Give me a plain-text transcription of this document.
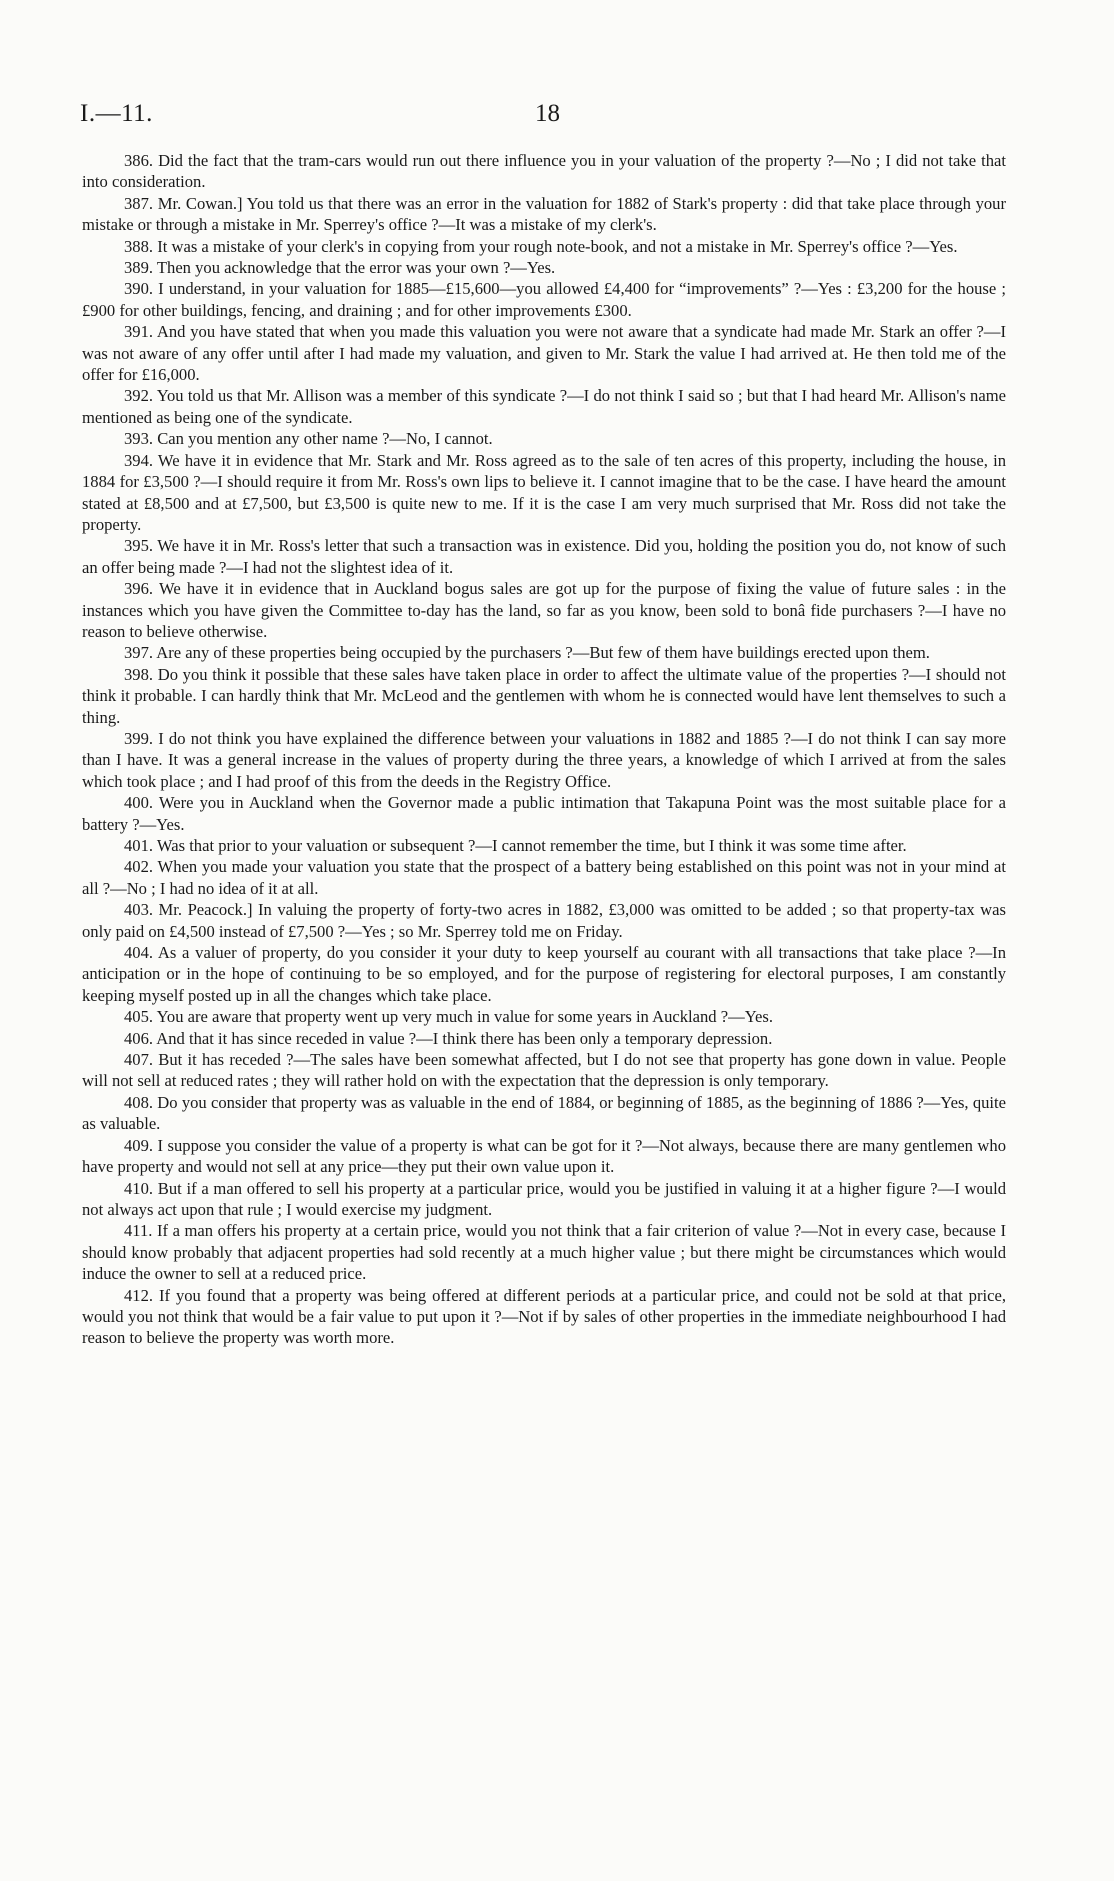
I.—11.	18

386. Did the fact that the tram-cars would run out there influence you in your valuation of the property ?—No ; I did not take that into consideration.

387. Mr. Cowan.] You told us that there was an error in the valuation for 1882 of Stark's property : did that take place through your mistake or through a mistake in Mr. Sperrey's office ?—It was a mistake of my clerk's.

388. It was a mistake of your clerk's in copying from your rough note-book, and not a mistake in Mr. Sperrey's office ?—Yes.

389. Then you acknowledge that the error was your own ?—Yes.

390. I understand, in your valuation for 1885—£15,600—you allowed £4,400 for “improvements” ?—Yes : £3,200 for the house ; £900 for other buildings, fencing, and draining ; and for other improvements £300.

391. And you have stated that when you made this valuation you were not aware that a syndicate had made Mr. Stark an offer ?—I was not aware of any offer until after I had made my valuation, and given to Mr. Stark the value I had arrived at. He then told me of the offer for £16,000.

392. You told us that Mr. Allison was a member of this syndicate ?—I do not think I said so ; but that I had heard Mr. Allison's name mentioned as being one of the syndicate.

393. Can you mention any other name ?—No, I cannot.

394. We have it in evidence that Mr. Stark and Mr. Ross agreed as to the sale of ten acres of this property, including the house, in 1884 for £3,500 ?—I should require it from Mr. Ross's own lips to believe it. I cannot imagine that to be the case. I have heard the amount stated at £8,500 and at £7,500, but £3,500 is quite new to me. If it is the case I am very much surprised that Mr. Ross did not take the property.

395. We have it in Mr. Ross's letter that such a transaction was in existence. Did you, holding the position you do, not know of such an offer being made ?—I had not the slightest idea of it.

396. We have it in evidence that in Auckland bogus sales are got up for the purpose of fixing the value of future sales : in the instances which you have given the Committee to-day has the land, so far as you know, been sold to bonâ fide purchasers ?—I have no reason to believe otherwise.

397. Are any of these properties being occupied by the purchasers ?—But few of them have buildings erected upon them.

398. Do you think it possible that these sales have taken place in order to affect the ultimate value of the properties ?—I should not think it probable. I can hardly think that Mr. McLeod and the gentlemen with whom he is connected would have lent themselves to such a thing.

399. I do not think you have explained the difference between your valuations in 1882 and 1885 ?—I do not think I can say more than I have. It was a general increase in the values of property during the three years, a knowledge of which I arrived at from the sales which took place ; and I had proof of this from the deeds in the Registry Office.

400. Were you in Auckland when the Governor made a public intimation that Takapuna Point was the most suitable place for a battery ?—Yes.

401. Was that prior to your valuation or subsequent ?—I cannot remember the time, but I think it was some time after.

402. When you made your valuation you state that the prospect of a battery being established on this point was not in your mind at all ?—No ; I had no idea of it at all.

403. Mr. Peacock.] In valuing the property of forty-two acres in 1882, £3,000 was omitted to be added ; so that property-tax was only paid on £4,500 instead of £7,500 ?—Yes ; so Mr. Sperrey told me on Friday.

404. As a valuer of property, do you consider it your duty to keep yourself au courant with all transactions that take place ?—In anticipation or in the hope of continuing to be so employed, and for the purpose of registering for electoral purposes, I am constantly keeping myself posted up in all the changes which take place.

405. You are aware that property went up very much in value for some years in Auckland ?—Yes.

406. And that it has since receded in value ?—I think there has been only a temporary depression.

407. But it has receded ?—The sales have been somewhat affected, but I do not see that property has gone down in value. People will not sell at reduced rates ; they will rather hold on with the expectation that the depression is only temporary.

408. Do you consider that property was as valuable in the end of 1884, or beginning of 1885, as the beginning of 1886 ?—Yes, quite as valuable.

409. I suppose you consider the value of a property is what can be got for it ?—Not always, because there are many gentlemen who have property and would not sell at any price—they put their own value upon it.

410. But if a man offered to sell his property at a particular price, would you be justified in valuing it at a higher figure ?—I would not always act upon that rule ; I would exercise my judgment.

411. If a man offers his property at a certain price, would you not think that a fair criterion of value ?—Not in every case, because I should know probably that adjacent properties had sold recently at a much higher value ; but there might be circumstances which would induce the owner to sell at a reduced price.

412. If you found that a property was being offered at different periods at a particular price, and could not be sold at that price, would you not think that would be a fair value to put upon it ?—Not if by sales of other properties in the immediate neighbourhood I had reason to believe the property was worth more.
